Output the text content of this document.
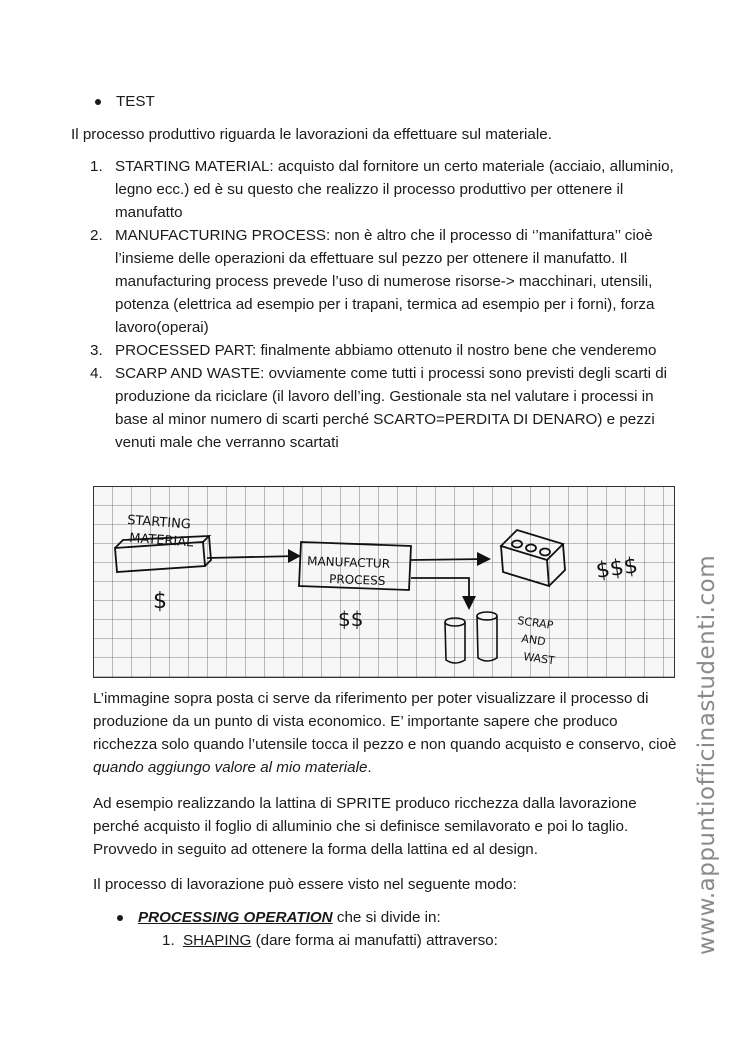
TEST

Il processo produttivo riguarda le lavorazioni da effettuare sul materiale.

1. STARTING MATERIAL: acquisto dal fornitore un certo materiale (acciaio, alluminio, legno ecc.) ed è su questo che realizzo il processo produttivo per ottenere il manufatto
2. MANUFACTURING PROCESS: non è altro che il processo di ‘’manifattura’’ cioè l’insieme delle operazioni da effettuare sul pezzo per ottenere il manufatto. Il manufacturing process prevede l’uso di numerose risorse-> macchinari, utensili, potenza (elettrica ad esempio per i trapani, termica ad esempio per i forni), forza lavoro(operai)
3. PROCESSED PART: finalmente abbiamo ottenuto il nostro bene che venderemo
4. SCARP AND WASTE: ovviamente come tutti i processi sono previsti degli scarti di produzione da riciclare (il lavoro dell’ing. Gestionale sta nel valutare i processi in base al minor numero di scarti perché SCARTO=PERDITA DI DENARO) e pezzi venuti male che verranno scartati
STARTING
MATERIAL
$
MANUFACTUR
PROCESS
$$
$$$
SCRAP
AND
WAST

L’immagine sopra posta ci serve da riferimento per poter visualizzare il processo di produzione da un punto di vista economico. E’ importante sapere che produco ricchezza solo quando l’utensile tocca il pezzo e non quando acquisto e conservo, cioè quando aggiungo valore al mio materiale.

Ad esempio realizzando la lattina di SPRITE produco ricchezza dalla lavorazione perché acquisto il foglio di alluminio che si definisce semilavorato e poi lo taglio. Provvedo in seguito ad ottenere la forma della lattina ed al design.

Il processo di lavorazione può essere visto nel seguente modo:

PROCESSING OPERATION che si divide in:
1. SHAPING (dare forma ai manufatti) attraverso:	www.appuntiofficinastudenti.com
